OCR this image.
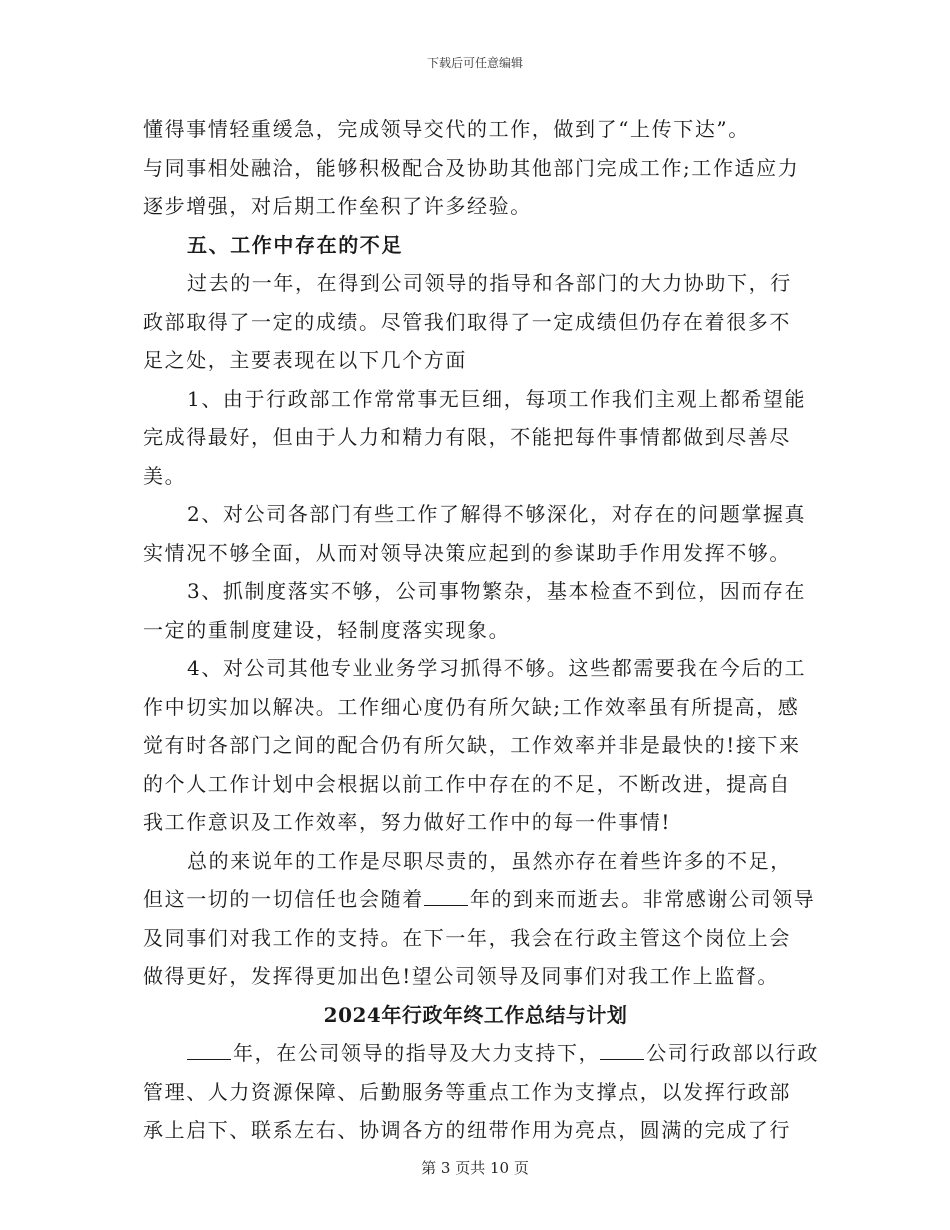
下载后可任意编辑
懂得事情轻重缓急，完成领导交代的工作，做到了“上传下达”。
与同事相处融洽，能够积极配合及协助其他部门完成工作;工作适应力
逐步增强，对后期工作垒积了许多经验。
五、工作中存在的不足
过去的一年，在得到公司领导的指导和各部门的大力协助下，行
政部取得了一定的成绩。尽管我们取得了一定成绩但仍存在着很多不
足之处，主要表现在以下几个方面
1、由于行政部工作常常事无巨细，每项工作我们主观上都希望能
完成得最好，但由于人力和精力有限，不能把每件事情都做到尽善尽
美。
2、对公司各部门有些工作了解得不够深化，对存在的问题掌握真
实情况不够全面，从而对领导决策应起到的参谋助手作用发挥不够。
3、抓制度落实不够，公司事物繁杂，基本检查不到位，因而存在
一定的重制度建设，轻制度落实现象。
4、对公司其他专业业务学习抓得不够。这些都需要我在今后的工
作中切实加以解决。工作细心度仍有所欠缺;工作效率虽有所提高，感
觉有时各部门之间的配合仍有所欠缺，工作效率并非是最快的!接下来
的个人工作计划中会根据以前工作中存在的不足，不断改进，提高自
我工作意识及工作效率，努力做好工作中的每一件事情!
总的来说年的工作是尽职尽责的，虽然亦存在着些许多的不足，
但这一切的一切信任也会随着 年的到来而逝去。非常感谢公司领导
及同事们对我工作的支持。在下一年，我会在行政主管这个岗位上会
做得更好，发挥得更加出色!望公司领导及同事们对我工作上监督。
2024年行政年终工作总结与计划
年，在公司领导的指导及大力支持下， 公司行政部以行政
管理、人力资源保障、后勤服务等重点工作为支撑点，以发挥行政部
承上启下、联系左右、协调各方的纽带作用为亮点，圆满的完成了行
第 3 页共 10 页
